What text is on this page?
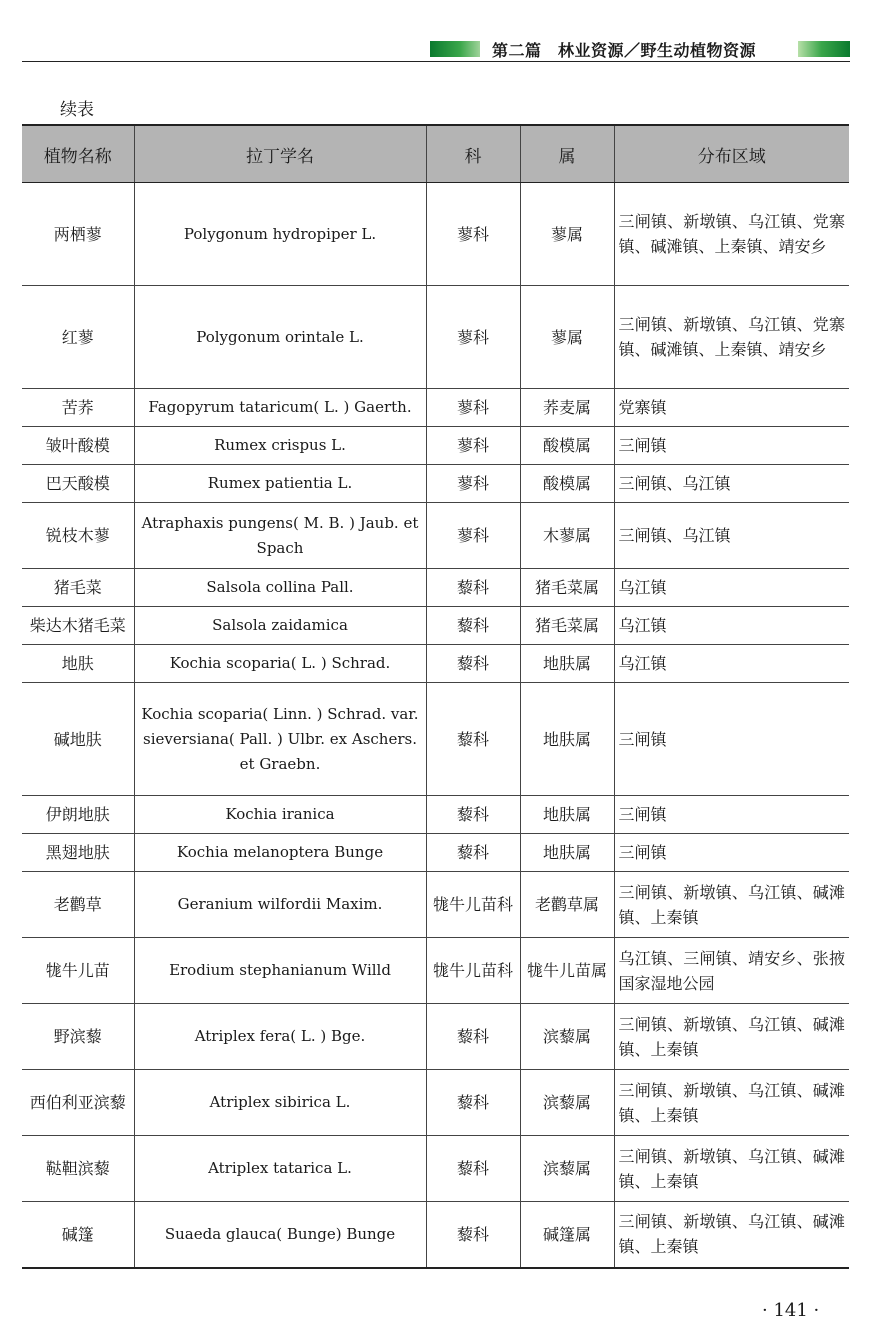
第二篇　林业资源／野生动植物资源
续表
植物名称	拉丁学名	科	属	分布区域
两栖蓼	Polygonum hydropiper L.	蓼科	蓼属	三闸镇、新墩镇、乌江镇、党寨镇、碱滩镇、上秦镇、靖安乡
红蓼	Polygonum orintale L.	蓼科	蓼属	三闸镇、新墩镇、乌江镇、党寨镇、碱滩镇、上秦镇、靖安乡
苦荞	Fagopyrum tataricum( L. ) Gaerth.	蓼科	荞麦属	党寨镇
皱叶酸模	Rumex crispus L.	蓼科	酸模属	三闸镇
巴天酸模	Rumex patientia L.	蓼科	酸模属	三闸镇、乌江镇
锐枝木蓼	Atraphaxis pungens( M. B. ) Jaub. et Spach	蓼科	木蓼属	三闸镇、乌江镇
猪毛菜	Salsola collina Pall.	藜科	猪毛菜属	乌江镇
柴达木猪毛菜	Salsola zaidamica	藜科	猪毛菜属	乌江镇
地肤	Kochia scoparia( L. ) Schrad.	藜科	地肤属	乌江镇
碱地肤	Kochia scoparia( Linn. ) Schrad. var. sieversiana( Pall. ) Ulbr. ex Aschers. et Graebn.	藜科	地肤属	三闸镇
伊朗地肤	Kochia iranica	藜科	地肤属	三闸镇
黑翅地肤	Kochia melanoptera Bunge	藜科	地肤属	三闸镇
老鹳草	Geranium wilfordii Maxim.	牻牛儿苗科	老鹳草属	三闸镇、新墩镇、乌江镇、碱滩镇、上秦镇
牻牛儿苗	Erodium stephanianum Willd	牻牛儿苗科	牻牛儿苗属	乌江镇、三闸镇、靖安乡、张掖国家湿地公园
野滨藜	Atriplex fera( L. ) Bge.	藜科	滨藜属	三闸镇、新墩镇、乌江镇、碱滩镇、上秦镇
西伯利亚滨藜	Atriplex sibirica L.	藜科	滨藜属	三闸镇、新墩镇、乌江镇、碱滩镇、上秦镇
鞑靼滨藜	Atriplex tatarica L.	藜科	滨藜属	三闸镇、新墩镇、乌江镇、碱滩镇、上秦镇
碱篷	Suaeda glauca( Bunge) Bunge	藜科	碱篷属	三闸镇、新墩镇、乌江镇、碱滩镇、上秦镇
· 141 ·
